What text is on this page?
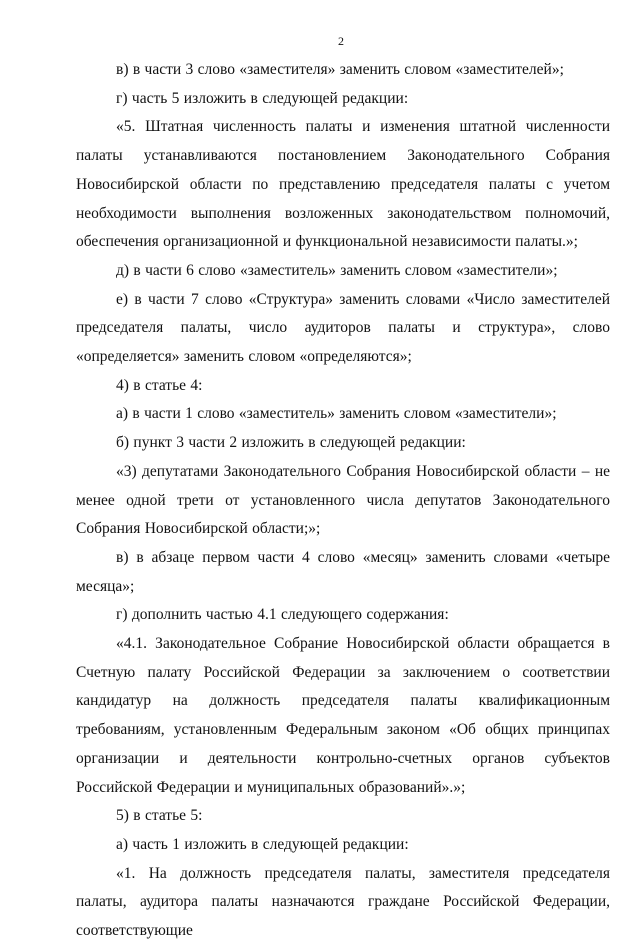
2

в) в части 3 слово «заместителя» заменить словом «заместителей»;

г) часть 5 изложить в следующей редакции:

«5. Штатная численность палаты и изменения штатной численности палаты устанавливаются постановлением Законодательного Собрания Новосибирской области по представлению председателя палаты с учетом необходимости выполнения возложенных законодательством полномочий, обеспечения организационной и функциональной независимости палаты.»;

д) в части 6 слово «заместитель» заменить словом «заместители»;

е) в части 7 слово «Структура» заменить словами «Число заместителей председателя палаты, число аудиторов палаты и структура», слово «определяется» заменить словом «определяются»;

4) в статье 4:

а) в части 1 слово «заместитель» заменить словом «заместители»;

б) пункт 3 части 2 изложить в следующей редакции:

«3) депутатами Законодательного Собрания Новосибирской области – не менее одной трети от установленного числа депутатов Законодательного Собрания Новосибирской области;»;

в) в абзаце первом части 4 слово «месяц» заменить словами «четыре месяца»;

г) дополнить частью 4.1 следующего содержания:

«4.1. Законодательное Собрание Новосибирской области обращается в Счетную палату Российской Федерации за заключением о соответствии кандидатур на должность председателя палаты квалификационным требованиям, установленным Федеральным законом «Об общих принципах организации и деятельности контрольно-счетных органов субъектов Российской Федерации и муниципальных образований».»;

5) в статье 5:

а) часть 1 изложить в следующей редакции:

«1. На должность председателя палаты, заместителя председателя палаты, аудитора палаты назначаются граждане Российской Федерации, соответствующие
